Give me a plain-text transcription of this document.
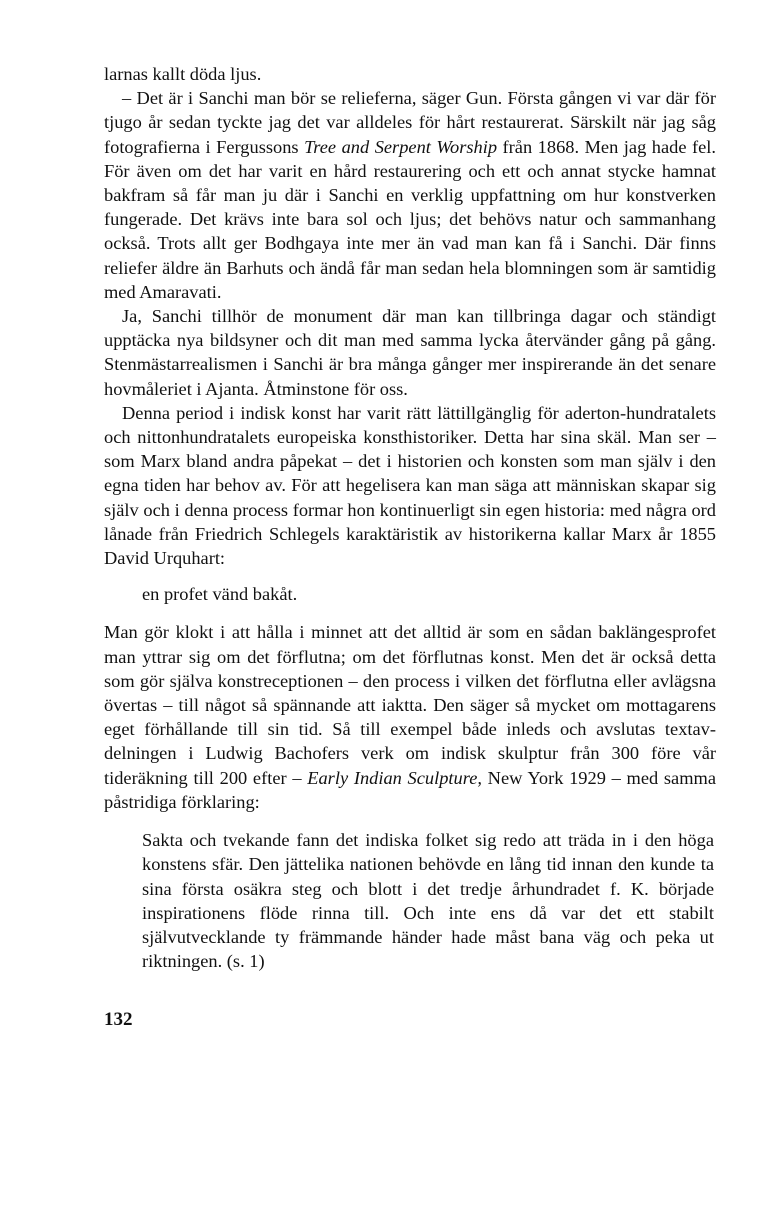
larnas kallt döda ljus.

– Det är i Sanchi man bör se relieferna, säger Gun. Första gången vi var där för tjugo år sedan tyckte jag det var alldeles för hårt restaurerat. Särskilt när jag såg fotografierna i Fergussons Tree and Serpent Worship från 1868. Men jag hade fel. För även om det har varit en hård restaurering och ett och annat stycke hamnat bakfram så får man ju där i Sanchi en verklig uppfattning om hur konstverken fungerade. Det krävs inte bara sol och ljus; det behövs natur och sammanhang också. Trots allt ger Bodhgaya inte mer än vad man kan få i Sanchi. Där finns reliefer äldre än Barhuts och ändå får man sedan hela blomningen som är samtidig med Amaravati.

Ja, Sanchi tillhör de monument där man kan tillbringa dagar och ständigt upptäcka nya bildsyner och dit man med samma lycka återvänder gång på gång. Stenmästarrealismen i Sanchi är bra många gånger mer inspirerande än det senare hovmåleriet i Ajanta. Åtminstone för oss.

Denna period i indisk konst har varit rätt lättillgänglig för aderton-hundratalets och nittonhundratalets europeiska konsthistoriker. Detta har sina skäl. Man ser – som Marx bland andra påpekat – det i historien och konsten som man själv i den egna tiden har behov av. För att hegelisera kan man säga att människan skapar sig själv och i denna process formar hon kontinuerligt sin egen historia: med några ord lånade från Friedrich Schlegels karaktäristik av historikerna kallar Marx år 1855 David Urquhart:

en profet vänd bakåt.

Man gör klokt i att hålla i minnet att det alltid är som en sådan baklängesprofet man yttrar sig om det förflutna; om det förflutnas konst. Men det är också detta som gör själva konstreceptionen – den process i vilken det förflutna eller avlägsna övertas – till något så spännande att iaktta. Den säger så mycket om mottagarens eget förhållande till sin tid. Så till exempel både inleds och avslutas textav-delningen i Ludwig Bachofers verk om indisk skulptur från 300 före vår tideräkning till 200 efter – Early Indian Sculpture, New York 1929 – med samma påstridiga förklaring:

Sakta och tvekande fann det indiska folket sig redo att träda in i den höga konstens sfär. Den jättelika nationen behövde en lång tid innan den kunde ta sina första osäkra steg och blott i det tredje århundradet f. K. började inspirationens flöde rinna till. Och inte ens då var det ett stabilt självutvecklande ty främmande händer hade måst bana väg och peka ut riktningen. (s. 1)

132
